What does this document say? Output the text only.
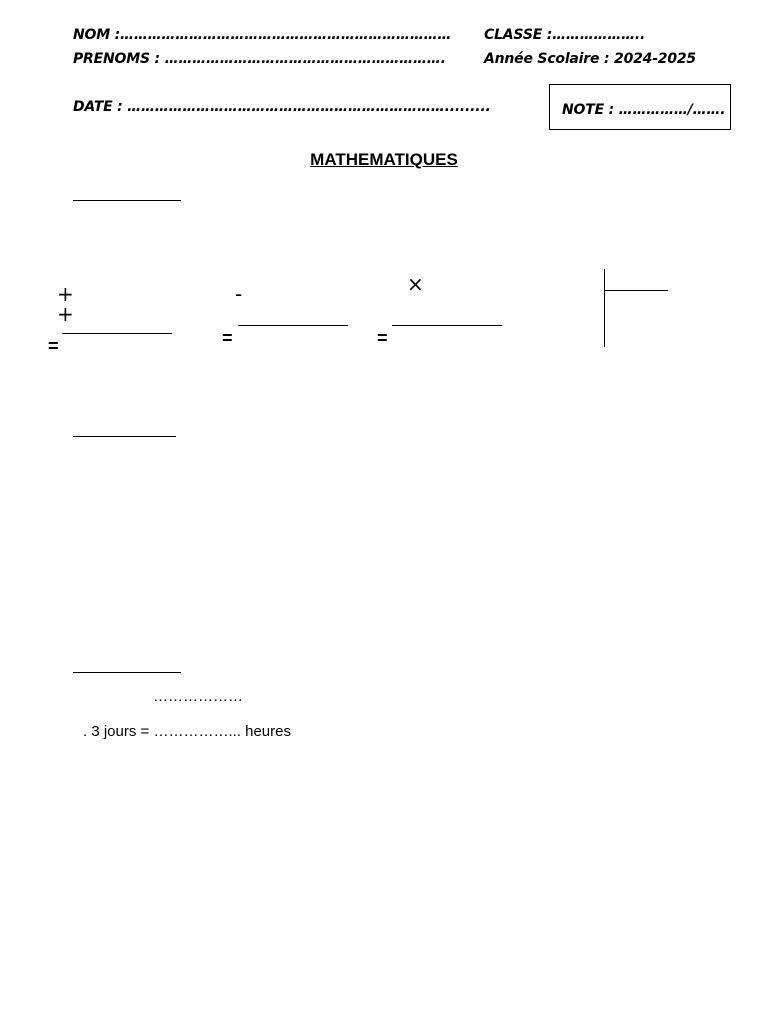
NOM :………………………………………………………………
PRENOMS : …………………………………………………….
DATE : …………………………………………………………….........
CLASSE :………………..
Année Scolaire : 2024-2025
NOTE : ……………/…….
MATHEMATIQUES
+
+
=
-
=
×
=
………………
. 3 jours = ……………... heures
